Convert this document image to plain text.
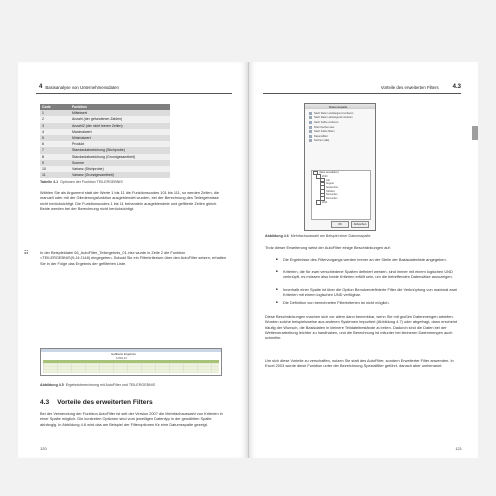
4 Basisanalyse von Unternehmensdaten
Code	Funktion
1	Mittelwert
2	Anzahl (der gefundenen Zahlen)
3	Anzahl2 (der nicht leeren Zellen)
4	Maximalwert
5	Minimalwert
6	Produkt
7	Standardabweichung (Stichprobe)
8	Standardabweichung (Grundgesamtheit)
9	Summe
10	Varianz (Stichprobe)
11	Varianz (Grundgesamtheit)
Tabelle 4.1 Optionen der Funktion TEILERGEBNIS
Wählen Sie als Argument statt der Werte 1 bis 11 die Funktionscodes 101 bis 111, so werden Zellen, die manuell oder mit der Gliederungsfunktion ausgeblendet wurden, bei der Berechnung des Teilergebnisse nicht berücksichtigt. Die Funktionscodes 1 bis 11 behandeln ausgeblendete und gefilterte Zellen gleich. Beide werden bei der Berechnung nicht berücksichtigt.
☷	In der Beispieldatei 06_AutoFilter_Teilergebnis_01.xlsx wurde in Zeile 2 die Funktion =TEILERGEBNIS(9;J4:J148) eingegeben. Sobald Sie ein Filterkriterium über den AutoFilter setzen, erhalten Sie in der Folge das Ergebnis der gefilterten Liste.
Gefilterte Ergebnis
6.894,24
Abbildung 4.5 Ergebnisberechnung mit AutoFilter und TEILERGEBNIS
4.3 Vorteile des erweiterten Filters
Bei der Verwendung der Funktion AutoFilter ist seit der Version 2007 die Mehrfachauswahl von Kriterien in einer Spalte möglich. Die konkreten Optionen sind vom jeweiligen Datentyp in der gewählten Spalte abhängig. In Abbildung 4.6 wird das am Beispiel der Filteroptionen für eine Datumsspalte gezeigt.
120
Vorteile des erweiterten Filters 4.3
Datumsspalte
Nach Datum aufsteigend sortieren
Nach Datum absteigend sortieren
Nach Farbe sortieren
Filter löschen aus
Nach Farbe filtern
Datumsfilter
Suchen (alle)
(Alles auswählen)
2010
Juli
August
September
Oktober
November
Dezember
2011
OK	Abbrechen
Abbildung 4.6 Mehrfachauswahl am Beispiel einer Datumsspalte
Trotz dieser Erweiterung weist der AutoFilter einige Beschränkungen auf:
■ Die Ergebnisse des Filtervorgangs werden immer an der Stelle der Basisdatenliste angegeben.
■ Kriterien, die für zwei verschiedene Spalten definiert werden, sind immer mit einem logischen UND verknüpft, es müssen also beide Kriterien erfüllt sein, um die betreffenden Datensätze anzuzeigen.
■ Innerhalb einer Spalte ist über die Option Benutzerdefinierte Filter die Verknüpfung von maximal zwei Kriterien mit einem logischen UND verfügbar.
■ Die Definition von berechneten Filterkriterien ist nicht möglich.
Diese Beschränkungen machen sich vor allem dann bemerkbar, wenn Sie mit großen Datenmengen arbeiten. Wurden solche beispielsweise aus anderen Systemen importiert (Abbildung 4.7) oder abgefragt, dann erscheint häufig der Wunsch, die Basisdaten in kleinere Teildateibestände zu teilen. Dadurch sind die Daten bei der Weiterverarbeitung leichter zu handhaben, und die Berechnung ist mitunter bei kleineren Datenmengen auch schneller.
Um sich diese Vorteile zu verschaffen, nutzen Sie statt des AutoFilter, sondern Erweiterter Filter anwenden. In Excel 2003 wurde diese Funktion unter der Bezeichnung Spezialfilter geführt, danach aber umbenannt.
121
